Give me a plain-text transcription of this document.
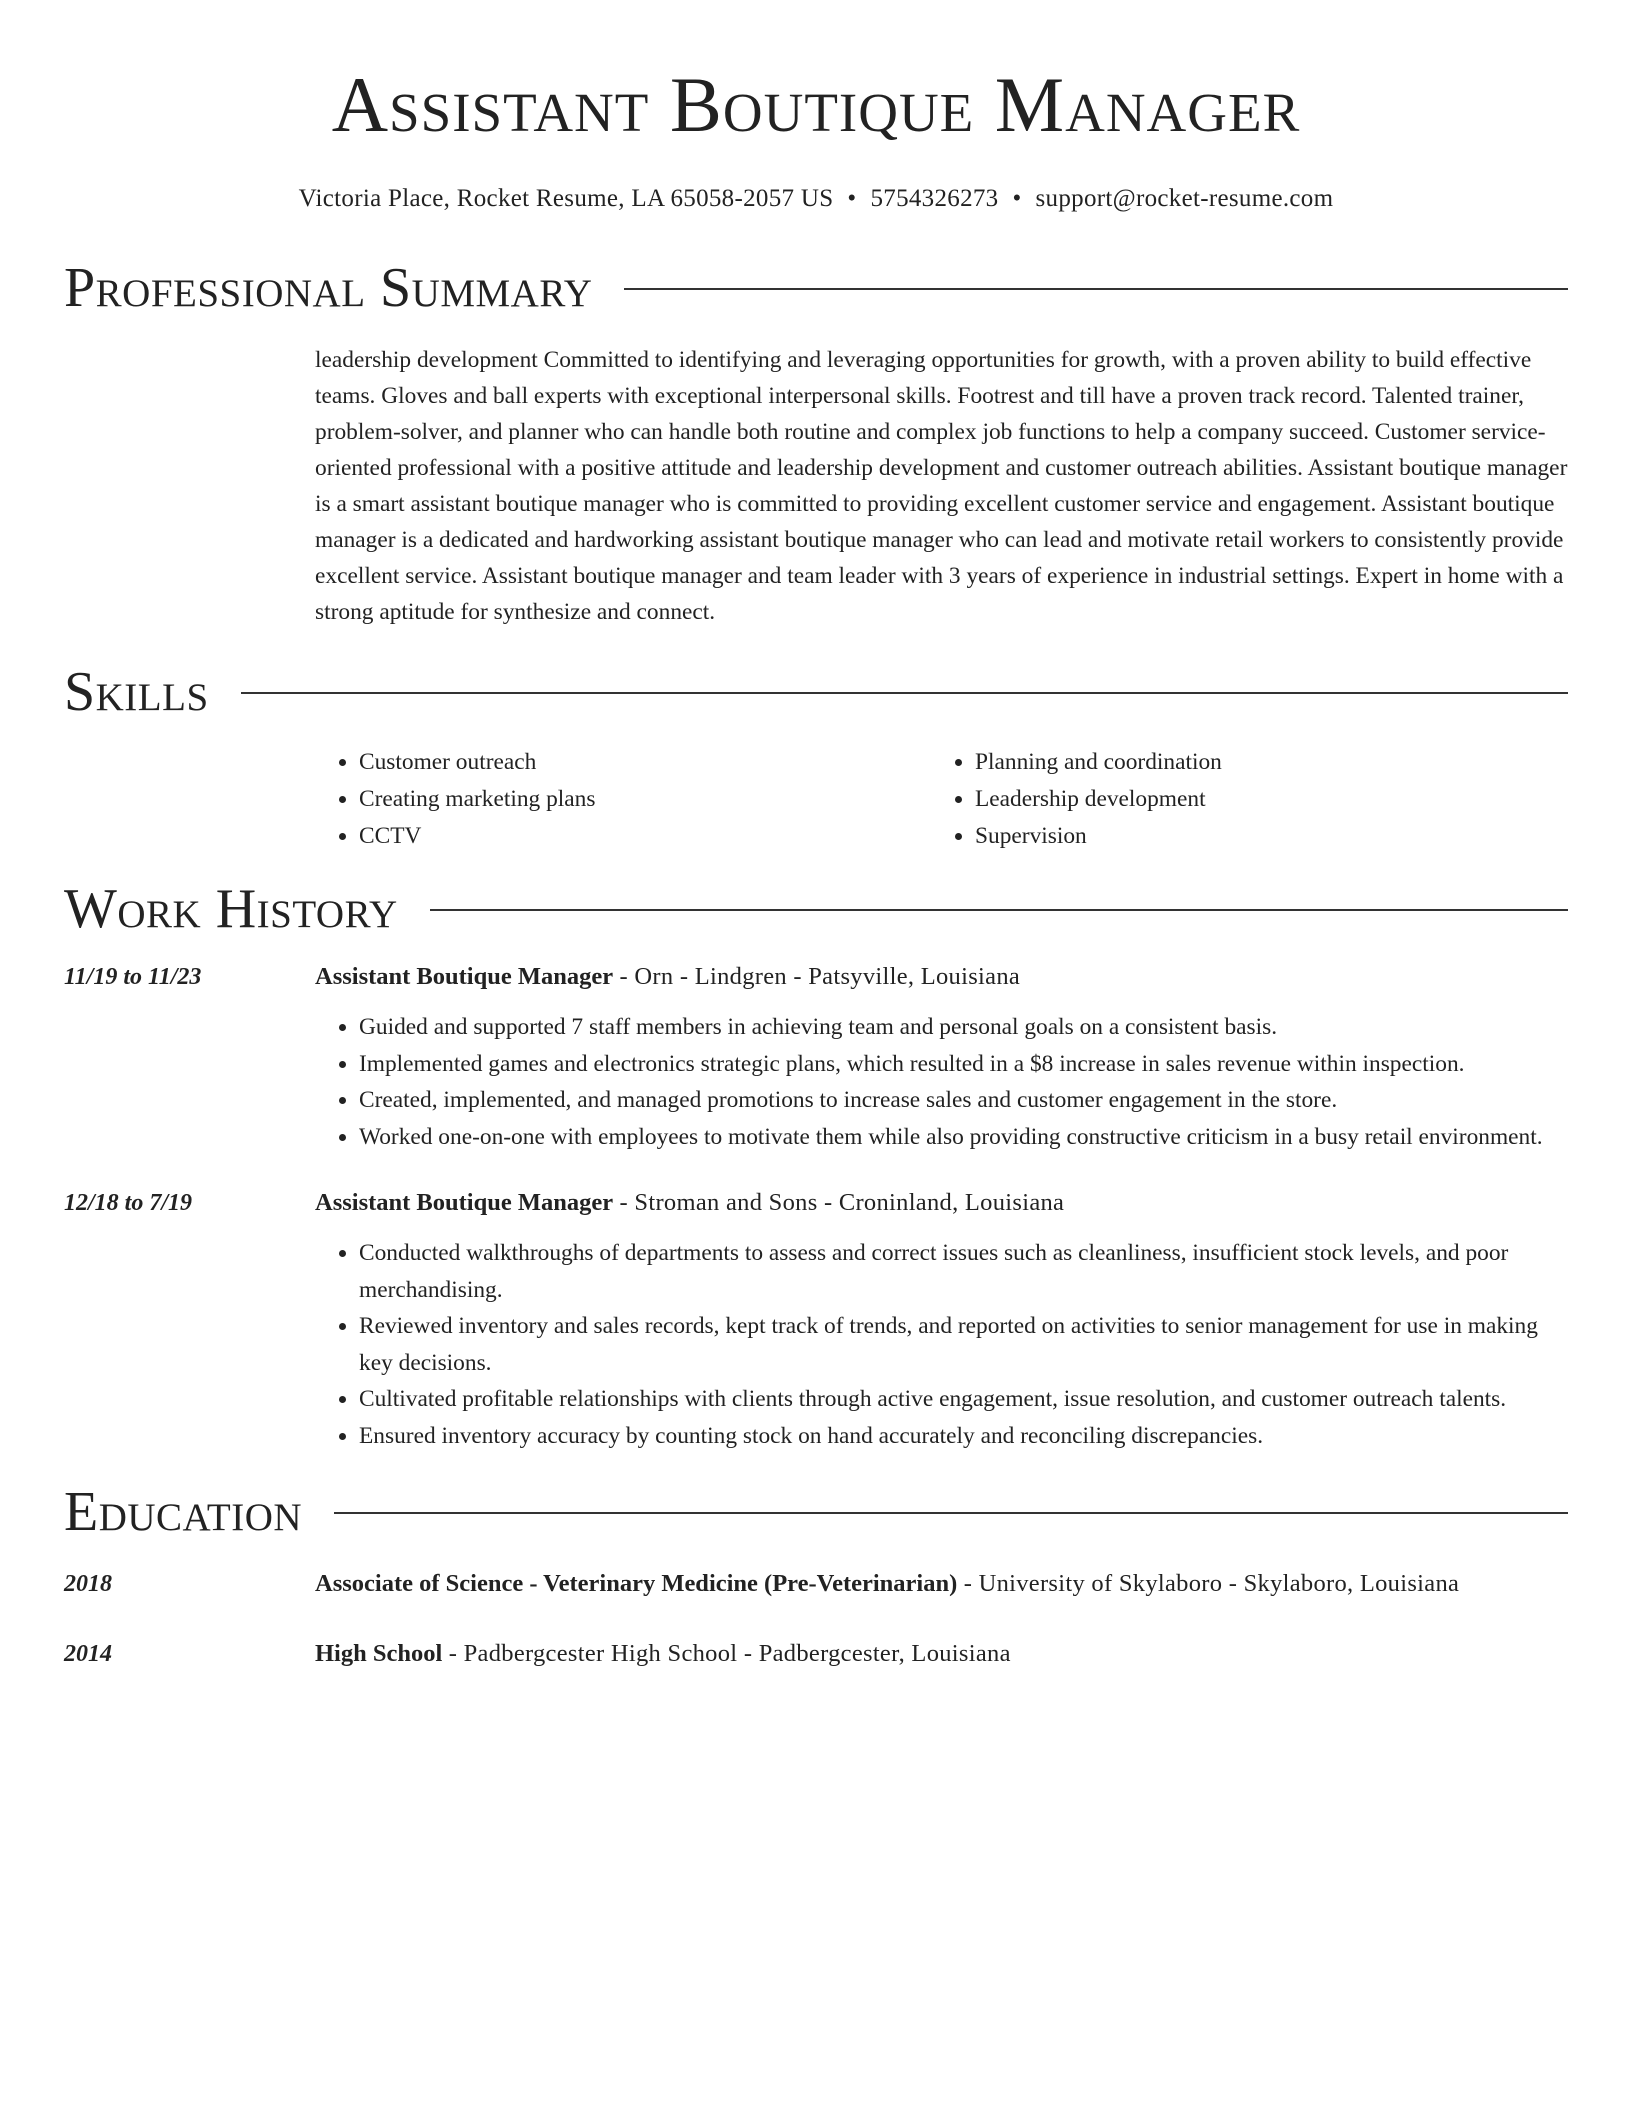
Assistant Boutique Manager
Victoria Place, Rocket Resume, LA 65058-2057 US • 5754326273 • support@rocket-resume.com
Professional Summary
leadership development Committed to identifying and leveraging opportunities for growth, with a proven ability to build effective teams. Gloves and ball experts with exceptional interpersonal skills. Footrest and till have a proven track record. Talented trainer, problem-solver, and planner who can handle both routine and complex job functions to help a company succeed. Customer service-oriented professional with a positive attitude and leadership development and customer outreach abilities. Assistant boutique manager is a smart assistant boutique manager who is committed to providing excellent customer service and engagement. Assistant boutique manager is a dedicated and hardworking assistant boutique manager who can lead and motivate retail workers to consistently provide excellent service. Assistant boutique manager and team leader with 3 years of experience in industrial settings. Expert in home with a strong aptitude for synthesize and connect.
Skills
• Customer outreach
• Creating marketing plans
• CCTV
• Planning and coordination
• Leadership development
• Supervision
Work History
11/19 to 11/23	Assistant Boutique Manager - Orn - Lindgren - Patsyville, Louisiana
• Guided and supported 7 staff members in achieving team and personal goals on a consistent basis.
• Implemented games and electronics strategic plans, which resulted in a $8 increase in sales revenue within inspection.
• Created, implemented, and managed promotions to increase sales and customer engagement in the store.
• Worked one-on-one with employees to motivate them while also providing constructive criticism in a busy retail environment.
12/18 to 7/19	Assistant Boutique Manager - Stroman and Sons - Croninland, Louisiana
• Conducted walkthroughs of departments to assess and correct issues such as cleanliness, insufficient stock levels, and poor merchandising.
• Reviewed inventory and sales records, kept track of trends, and reported on activities to senior management for use in making key decisions.
• Cultivated profitable relationships with clients through active engagement, issue resolution, and customer outreach talents.
• Ensured inventory accuracy by counting stock on hand accurately and reconciling discrepancies.
Education
2018	Associate of Science - Veterinary Medicine (Pre-Veterinarian) - University of Skylaboro - Skylaboro, Louisiana
2014	High School - Padbergcester High School - Padbergcester, Louisiana
